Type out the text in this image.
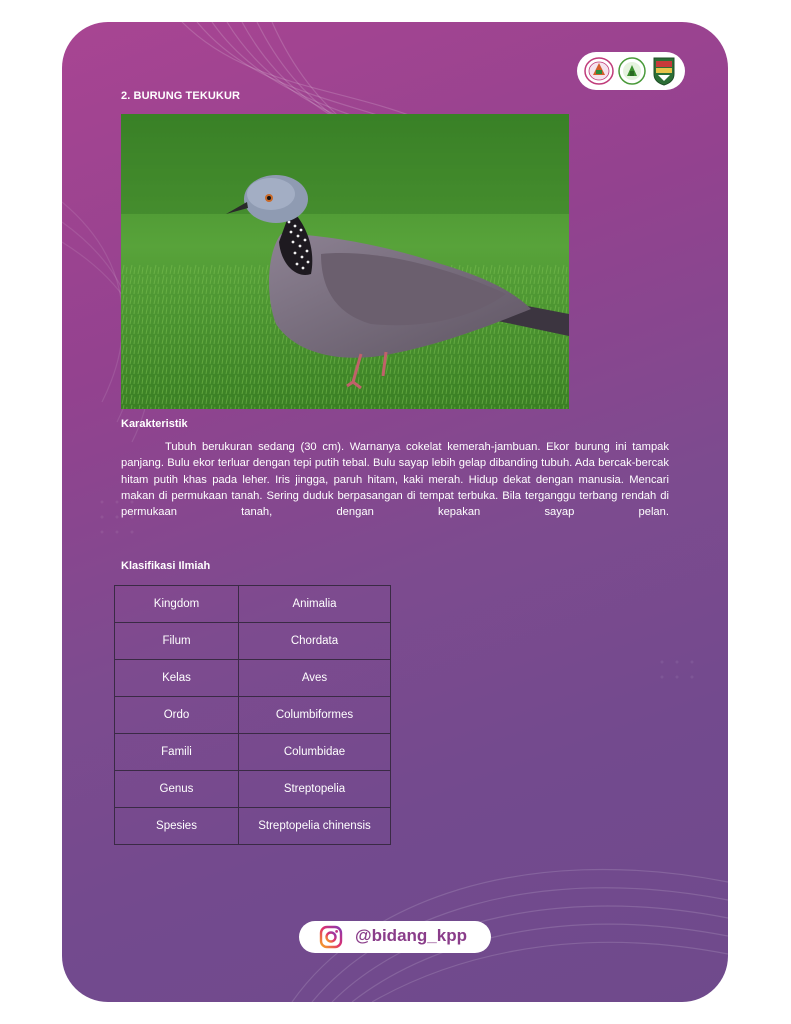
2. BURUNG TEKUKUR
Karakteristik

Tubuh berukuran sedang (30 cm). Warnanya cokelat kemerah-jambuan. Ekor burung ini tampak panjang. Bulu ekor terluar dengan tepi putih tebal. Bulu sayap lebih gelap dibanding tubuh. Ada bercak-bercak hitam putih khas pada leher. Iris jingga, paruh hitam, kaki merah. Hidup dekat dengan manusia. Mencari makan di permukaan tanah. Sering duduk berpasangan di tempat terbuka. Bila terganggu terbang rendah di permukaan tanah, dengan kepakan sayap pelan.

Klasifikasi Ilmiah
Kingdom	Animalia
Filum	Chordata
Kelas	Aves
Ordo	Columbiformes
Famili	Columbidae
Genus	Streptopelia
Spesies	Streptopelia chinensis
@bidang_kpp
